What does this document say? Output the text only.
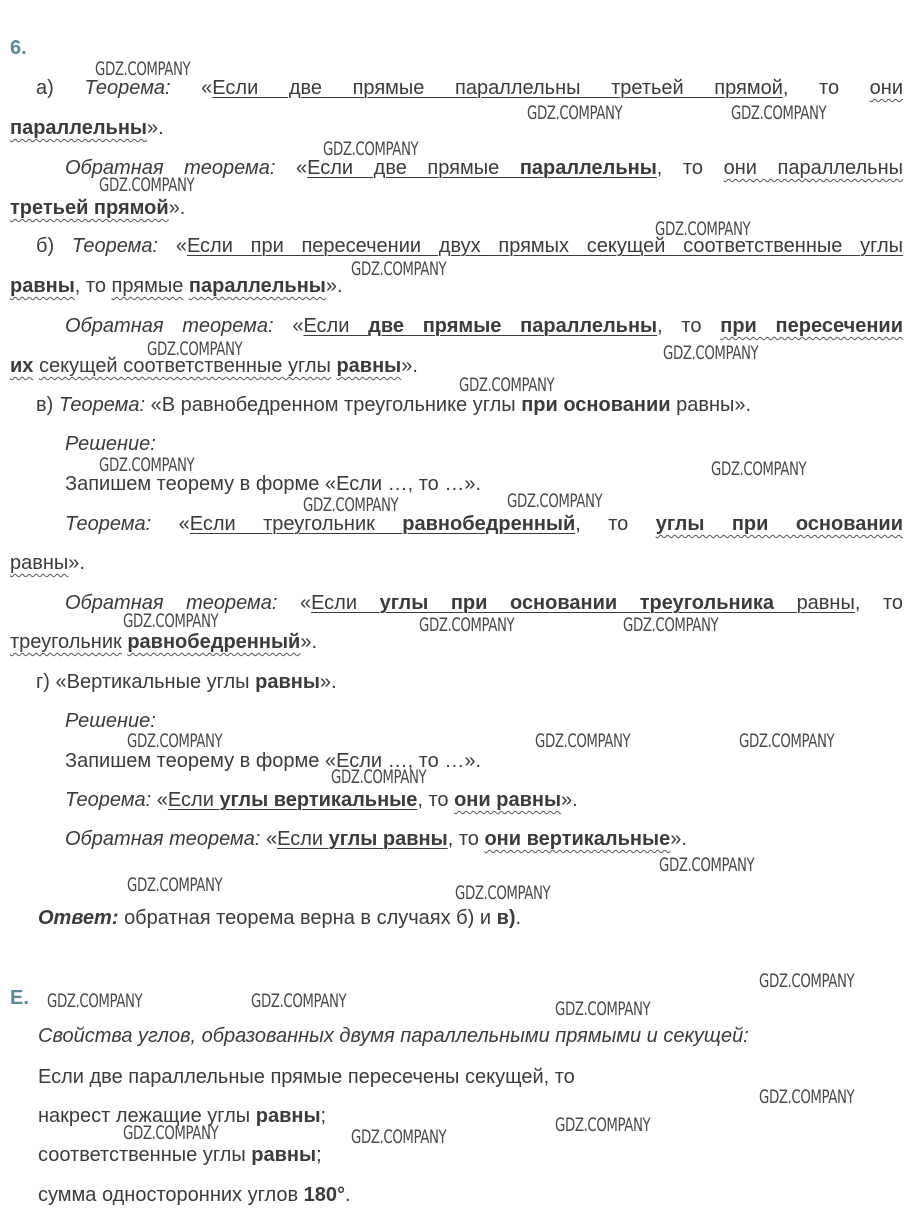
6.
а) Теорема: «Если две прямые параллельны третьей прямой, то они
параллельны».
Обратная теорема: «Если две прямые параллельны, то они параллельны
третьей прямой».
б) Теорема: «Если при пересечении двух прямых секущей соответственные углы
равны, то прямые параллельны».
Обратная теорема: «Если две прямые параллельны, то при пересечении
их секущей соответственные углы равны».
в) Теорема: «В равнобедренном треугольнике углы при основании равны».
Решение:
Запишем теорему в форме «Если …, то …».
Теорема: «Если треугольник равнобедренный, то углы при основании
равны».
Обратная теорема: «Если углы при основании треугольника равны, то
треугольник равнобедренный».
г) «Вертикальные углы равны».
Решение:
Запишем теорему в форме «Если …, то …».
Теорема: «Если углы вертикальные, то они равны».
Обратная теорема: «Если углы равны, то они вертикальные».
Ответ: обратная теорема верна в случаях б) и в).
Е.
Свойства углов, образованных двумя параллельными прямыми и секущей:
Если две параллельные прямые пересечены секущей, то
накрест лежащие углы равны;
соответственные углы равны;
сумма односторонних углов 180°.
GDZ.COMPANY
GDZ.COMPANY	GDZ.COMPANY
GDZ.COMPANY
GDZ.COMPANY
GDZ.COMPANY
GDZ.COMPANY
GDZ.COMPANY	GDZ.COMPANY
GDZ.COMPANY
GDZ.COMPANY	GDZ.COMPANY
GDZ.COMPANY	GDZ.COMPANY
GDZ.COMPANY	GDZ.COMPANY	GDZ.COMPANY
GDZ.COMPANY	GDZ.COMPANY	GDZ.COMPANY
GDZ.COMPANY
GDZ.COMPANY
GDZ.COMPANY	GDZ.COMPANY
GDZ.COMPANY
GDZ.COMPANY	GDZ.COMPANY	GDZ.COMPANY
GDZ.COMPANY
GDZ.COMPANY
GDZ.COMPANY	GDZ.COMPANY
